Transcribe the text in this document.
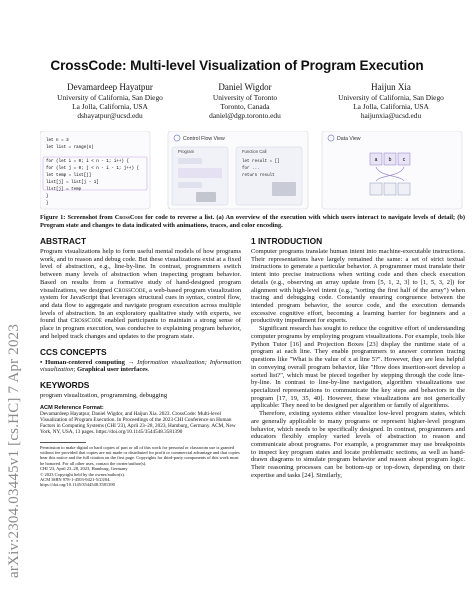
arXiv:2304.03445v1 [cs.HC] 7 Apr 2023
CrossCode: Multi-level Visualization of Program Execution
Devamardeep Hayatpur
University of California, San Diego
La Jolla, California, USA
dshayatpur@ucsd.edu
Daniel Wigdor
University of Toronto
Toronto, Canada
daniel@dgp.toronto.edu
Haijun Xia
University of California, San Diego
La Jolla, California, USA
haijunxia@ucsd.edu
let n = 3
let list = range(n)
for (let i = 0; i < n - 1; i++) {
for (let j = 0; j < n - i - 1; j++) {
let temp = list[j]
list[j] = list[j - 1]
list[j] = temp
}
}
Control Flow View
Program	Function Call
let result = []
for ...
return result
Data View
a b c
Figure 1: Screenshot from CrossCode for code to reverse a list. (a) An overview of the execution with which users interact to navigate levels of detail; (b) Program state and changes to data indicated with animations, traces, and color encoding.
ABSTRACT

Program visualizations help to form useful mental models of how programs work, and to reason and debug code. But these visualizations exist at a fixed level of abstraction, e.g., line-by-line. In contrast, programmers switch between many levels of abstraction when inspecting program behavior. Based on results from a formative study of hand-designed program visualizations, we designed CrossCode, a web-based program visualization system for JavaScript that leverages structural cues in syntax, control flow, and data flow to aggregate and navigate program execution across multiple levels of abstraction. In an exploratory qualitative study with experts, we found that CrossCode enabled participants to maintain a strong sense of place in program execution, was conducive to explaining program behavior, and helped track changes and updates to the program state.

CCS CONCEPTS

• Human-centered computing → Information visualization; Information visualization; Graphical user interfaces.

KEYWORDS

program visualization, programming, debugging

ACM Reference Format:

Devamardeep Hayatpur, Daniel Wigdor, and Haijun Xia. 2023. CrossCode: Multi-level Visualization of Program Execution. In Proceedings of the 2023 CHI Conference on Human Factors in Computing Systems (CHI '23), April 23–28, 2023, Hamburg, Germany. ACM, New York, NY, USA, 13 pages. https://doi.org/10.1145/3544548.3581390

Permission to make digital or hard copies of part or all of this work for personal or classroom use is granted without fee provided that copies are not made or distributed for profit or commercial advantage and that copies bear this notice and the full citation on the first page. Copyrights for third-party components of this work must be honored. For all other uses, contact the owner/author(s).

CHI '23, April 23–28, 2023, Hamburg, Germany

© 2023 Copyright held by the owner/author(s).

ACM ISBN 978-1-4503-9421-5/23/04.

https://doi.org/10.1145/3544548.3581390

1 INTRODUCTION

Computer programs translate human intent into machine-executable instructions. Their representations have largely remained the same: a set of strict textual instructions to generate a particular behavior. A programmer must translate their intent into precise instructions when writing code and then check execution details (e.g., observing an array update from [5, 1, 2, 3] to [1, 5, 3, 2]) for alignment with high-level intent (e.g., "sorting the first half of the array") when tracing and debugging code. Constantly ensuring congruence between the intended program behavior, the source code, and the execution demands excessive cognitive effort, becoming a learning barrier for beginners and a productivity impediment for experts.

Significant research has sought to reduce the cognitive effort of understanding computer programs by employing program visualizations. For example, tools like Python Tutor [16] and Projection Boxes [23] display the runtime state of a program at each line. They enable programmers to answer common tracing questions like "What is the value of x at line 5?". However, they are less helpful in conveying overall program behavior, like "How does insertion-sort develop a sorted list?", which must be pieced together by stepping through the code line-by-line. In contrast to line-by-line navigation, algorithm visualizations use specialized representations to communicate the key steps and behaviors in the program [17, 19, 35, 40]. However, these visualizations are not generically applicable: They need to be designed per algorithm or family of algorithms.

Therefore, existing systems either visualize low-level program states, which are generally applicable to many programs or represent higher-level program behavior, which needs to be specifically designed. In contrast, programmers and educators flexibly employ varied levels of abstraction to reason and communicate about programs. For example, a programmer may use breakpoints to inspect key program states and locate problematic sections, as well as hand-drawn diagrams to simulate program behavior and reason about program logic. Their reasoning processes can be bottom-up or top-down, depending on their expertise and tasks [24]. Similarly,
